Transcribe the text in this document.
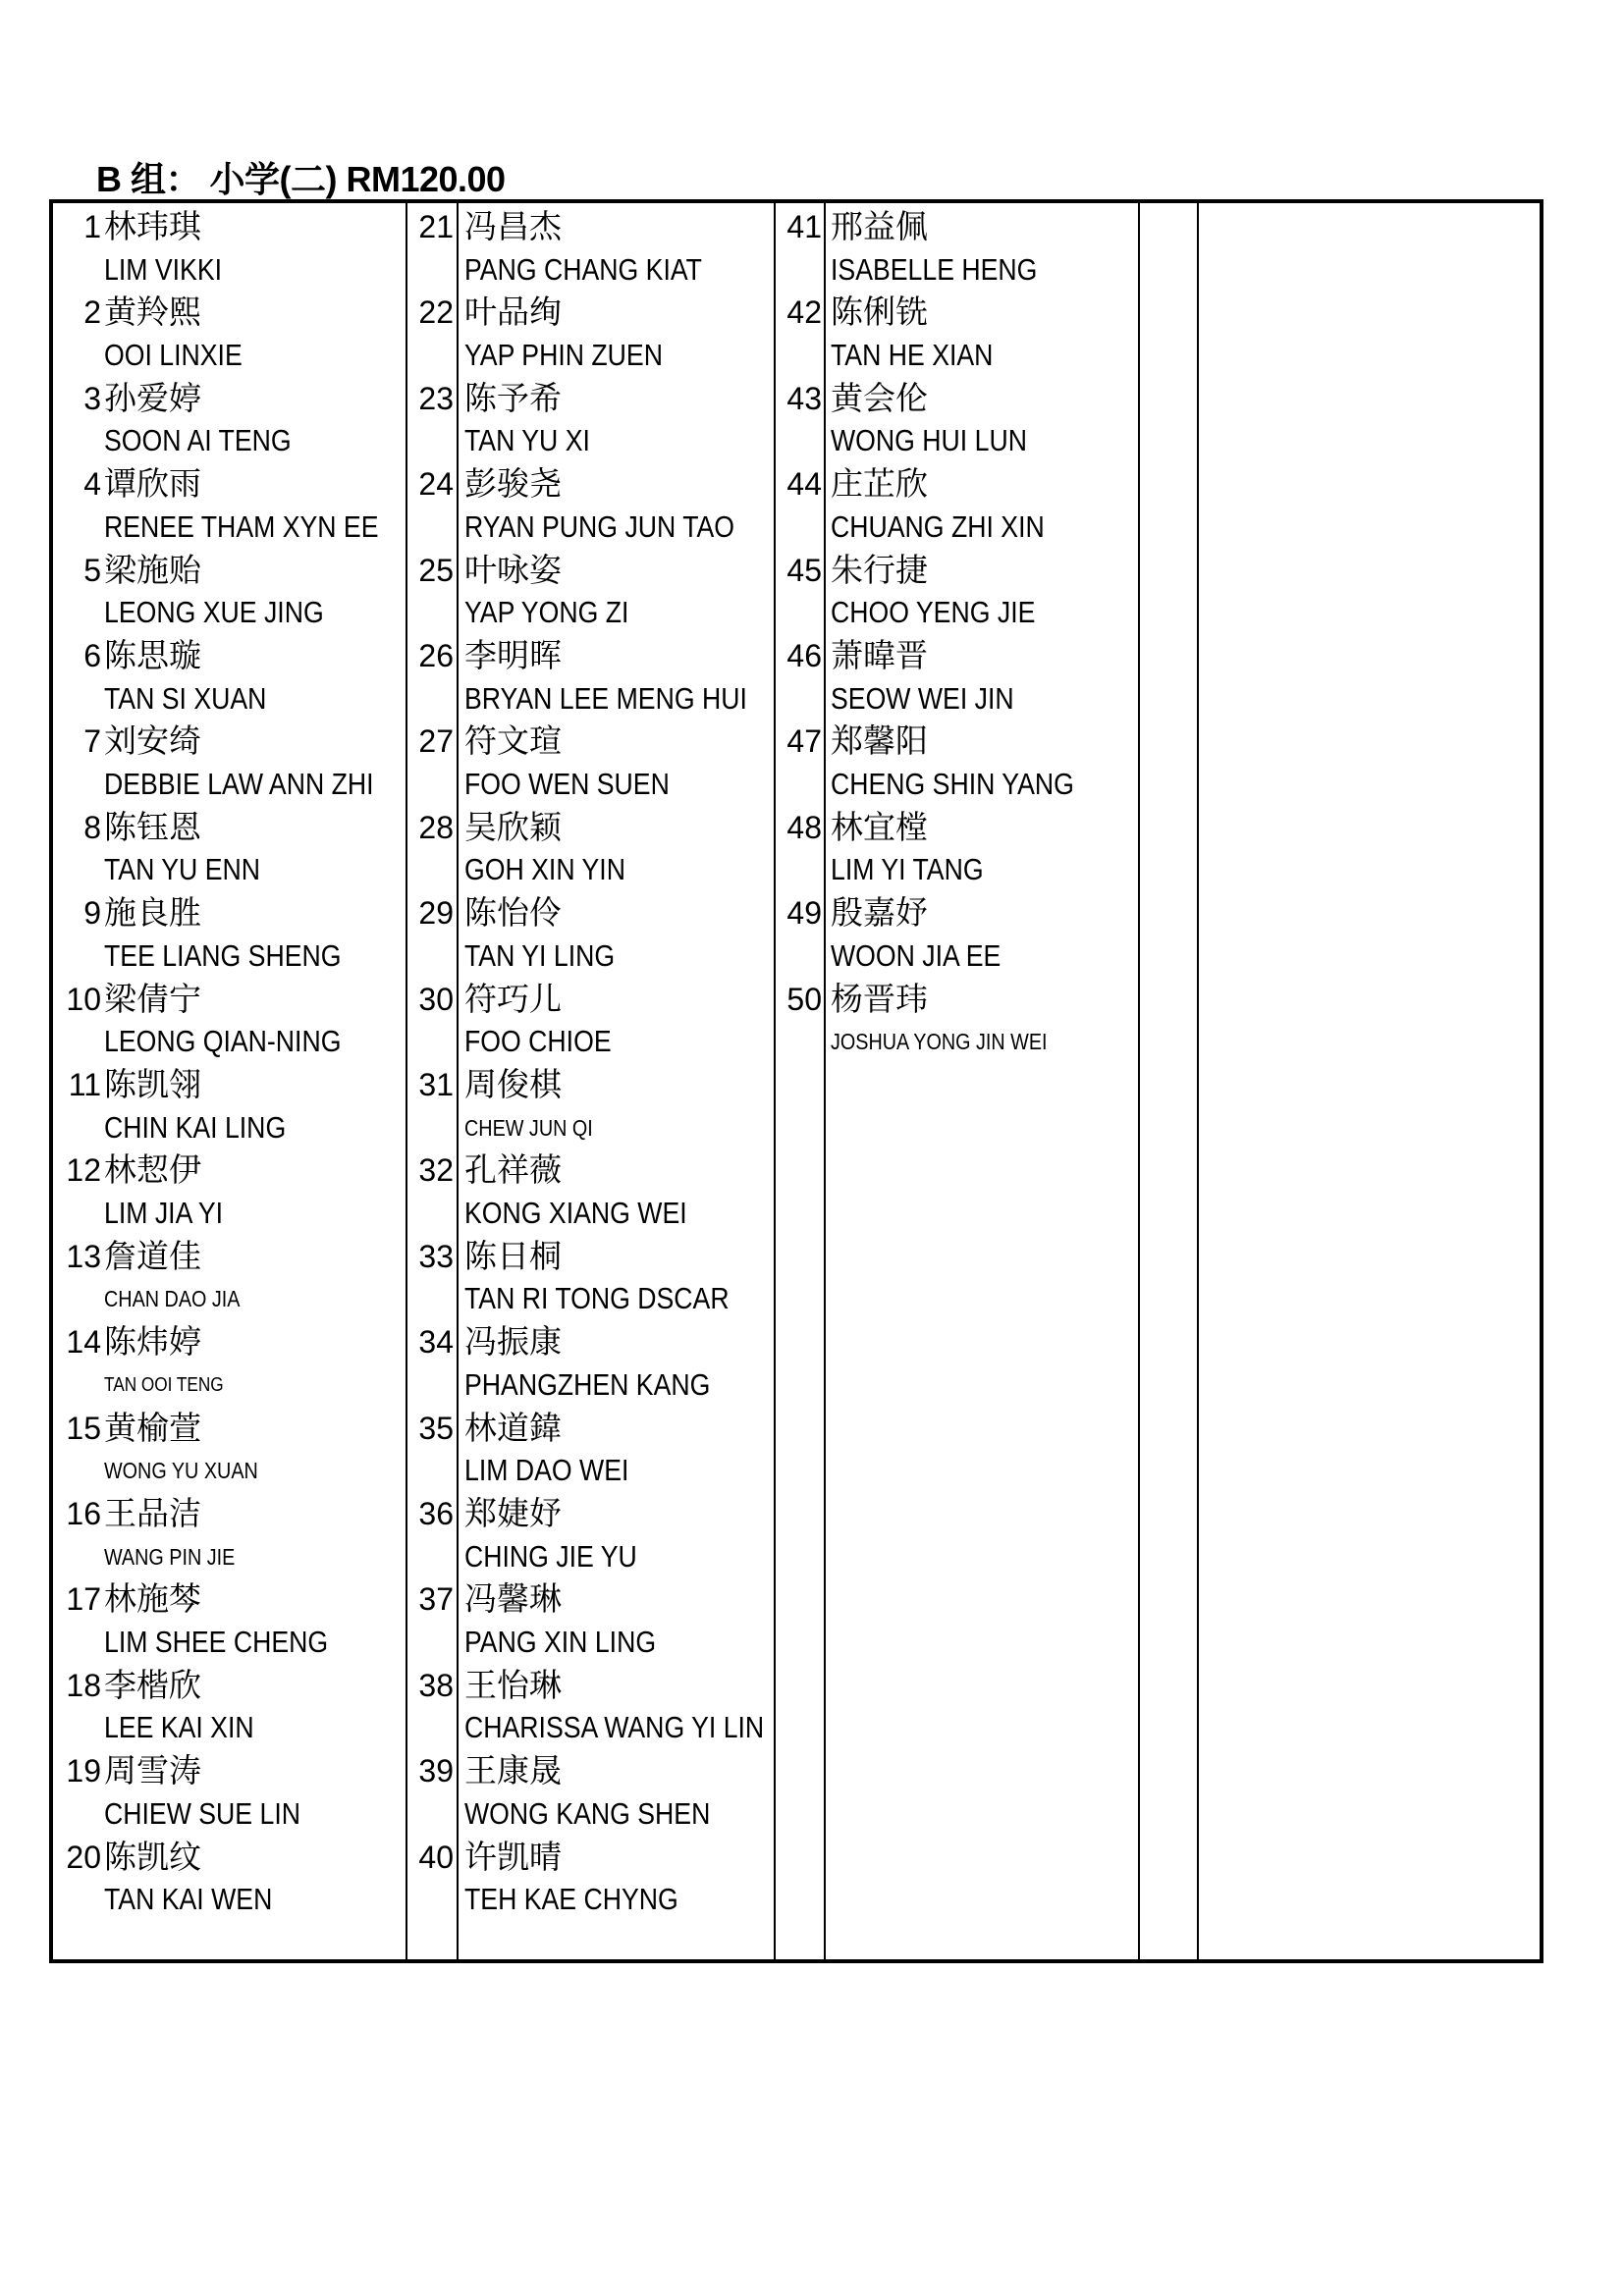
B 组： 小学(二) RM120.00
1 林玮琪
LIM VIKKI
2 黄羚熙
OOI LINXIE
3 孙爱婷
SOON AI TENG
4 谭欣雨
RENEE THAM XYN EE
5 梁施贻
LEONG XUE JING
6 陈思璇
TAN SI XUAN
7 刘安绮
DEBBIE LAW ANN ZHI
8 陈钰恩
TAN YU ENN
9 施良胜
TEE LIANG SHENG
10 梁倩宁
LEONG QIAN-NING
11 陈凯翎
CHIN KAI LING
12 林恝伊
LIM JIA YI
13 詹道佳
CHAN DAO JIA
14 陈炜婷
TAN OOI TENG
15 黄榆萱
WONG YU XUAN
16 王品洁
WANG PIN JIE
17 林施棽
LIM SHEE CHENG
18 李楷欣
LEE KAI XIN
19 周雪涛
CHIEW SUE LIN
20 陈凯纹
TAN KAI WEN
21 冯昌杰
PANG CHANG KIAT
22 叶品绚
YAP PHIN ZUEN
23 陈予希
TAN YU XI
24 彭骏尧
RYAN PUNG JUN TAO
25 叶咏姿
YAP YONG ZI
26 李明晖
BRYAN LEE MENG HUI
27 符文瑄
FOO WEN SUEN
28 吴欣颖
GOH XIN YIN
29 陈怡伶
TAN YI LING
30 符巧儿
FOO CHIOE
31 周俊棋
CHEW JUN QI
32 孔祥薇
KONG XIANG WEI
33 陈日桐
TAN RI TONG DSCAR
34 冯振康
PHANGZHEN KANG
35 林道鍏
LIM DAO WEI
36 郑婕妤
CHING JIE YU
37 冯馨琳
PANG XIN LING
38 王怡琳
CHARISSA WANG YI LIN
39 王康晟
WONG KANG SHEN
40 许凯晴
TEH KAE CHYNG
41 邢益佩
ISABELLE HENG
42 陈俐铣
TAN HE XIAN
43 黄会伦
WONG HUI LUN
44 庄芷欣
CHUANG ZHI XIN
45 朱行捷
CHOO YENG JIE
46 萧暐晋
SEOW WEI JIN
47 郑馨阳
CHENG SHIN YANG
48 林宜樘
LIM YI TANG
49 殷嘉妤
WOON JIA EE
50 杨晋玮
JOSHUA YONG JIN WEI
